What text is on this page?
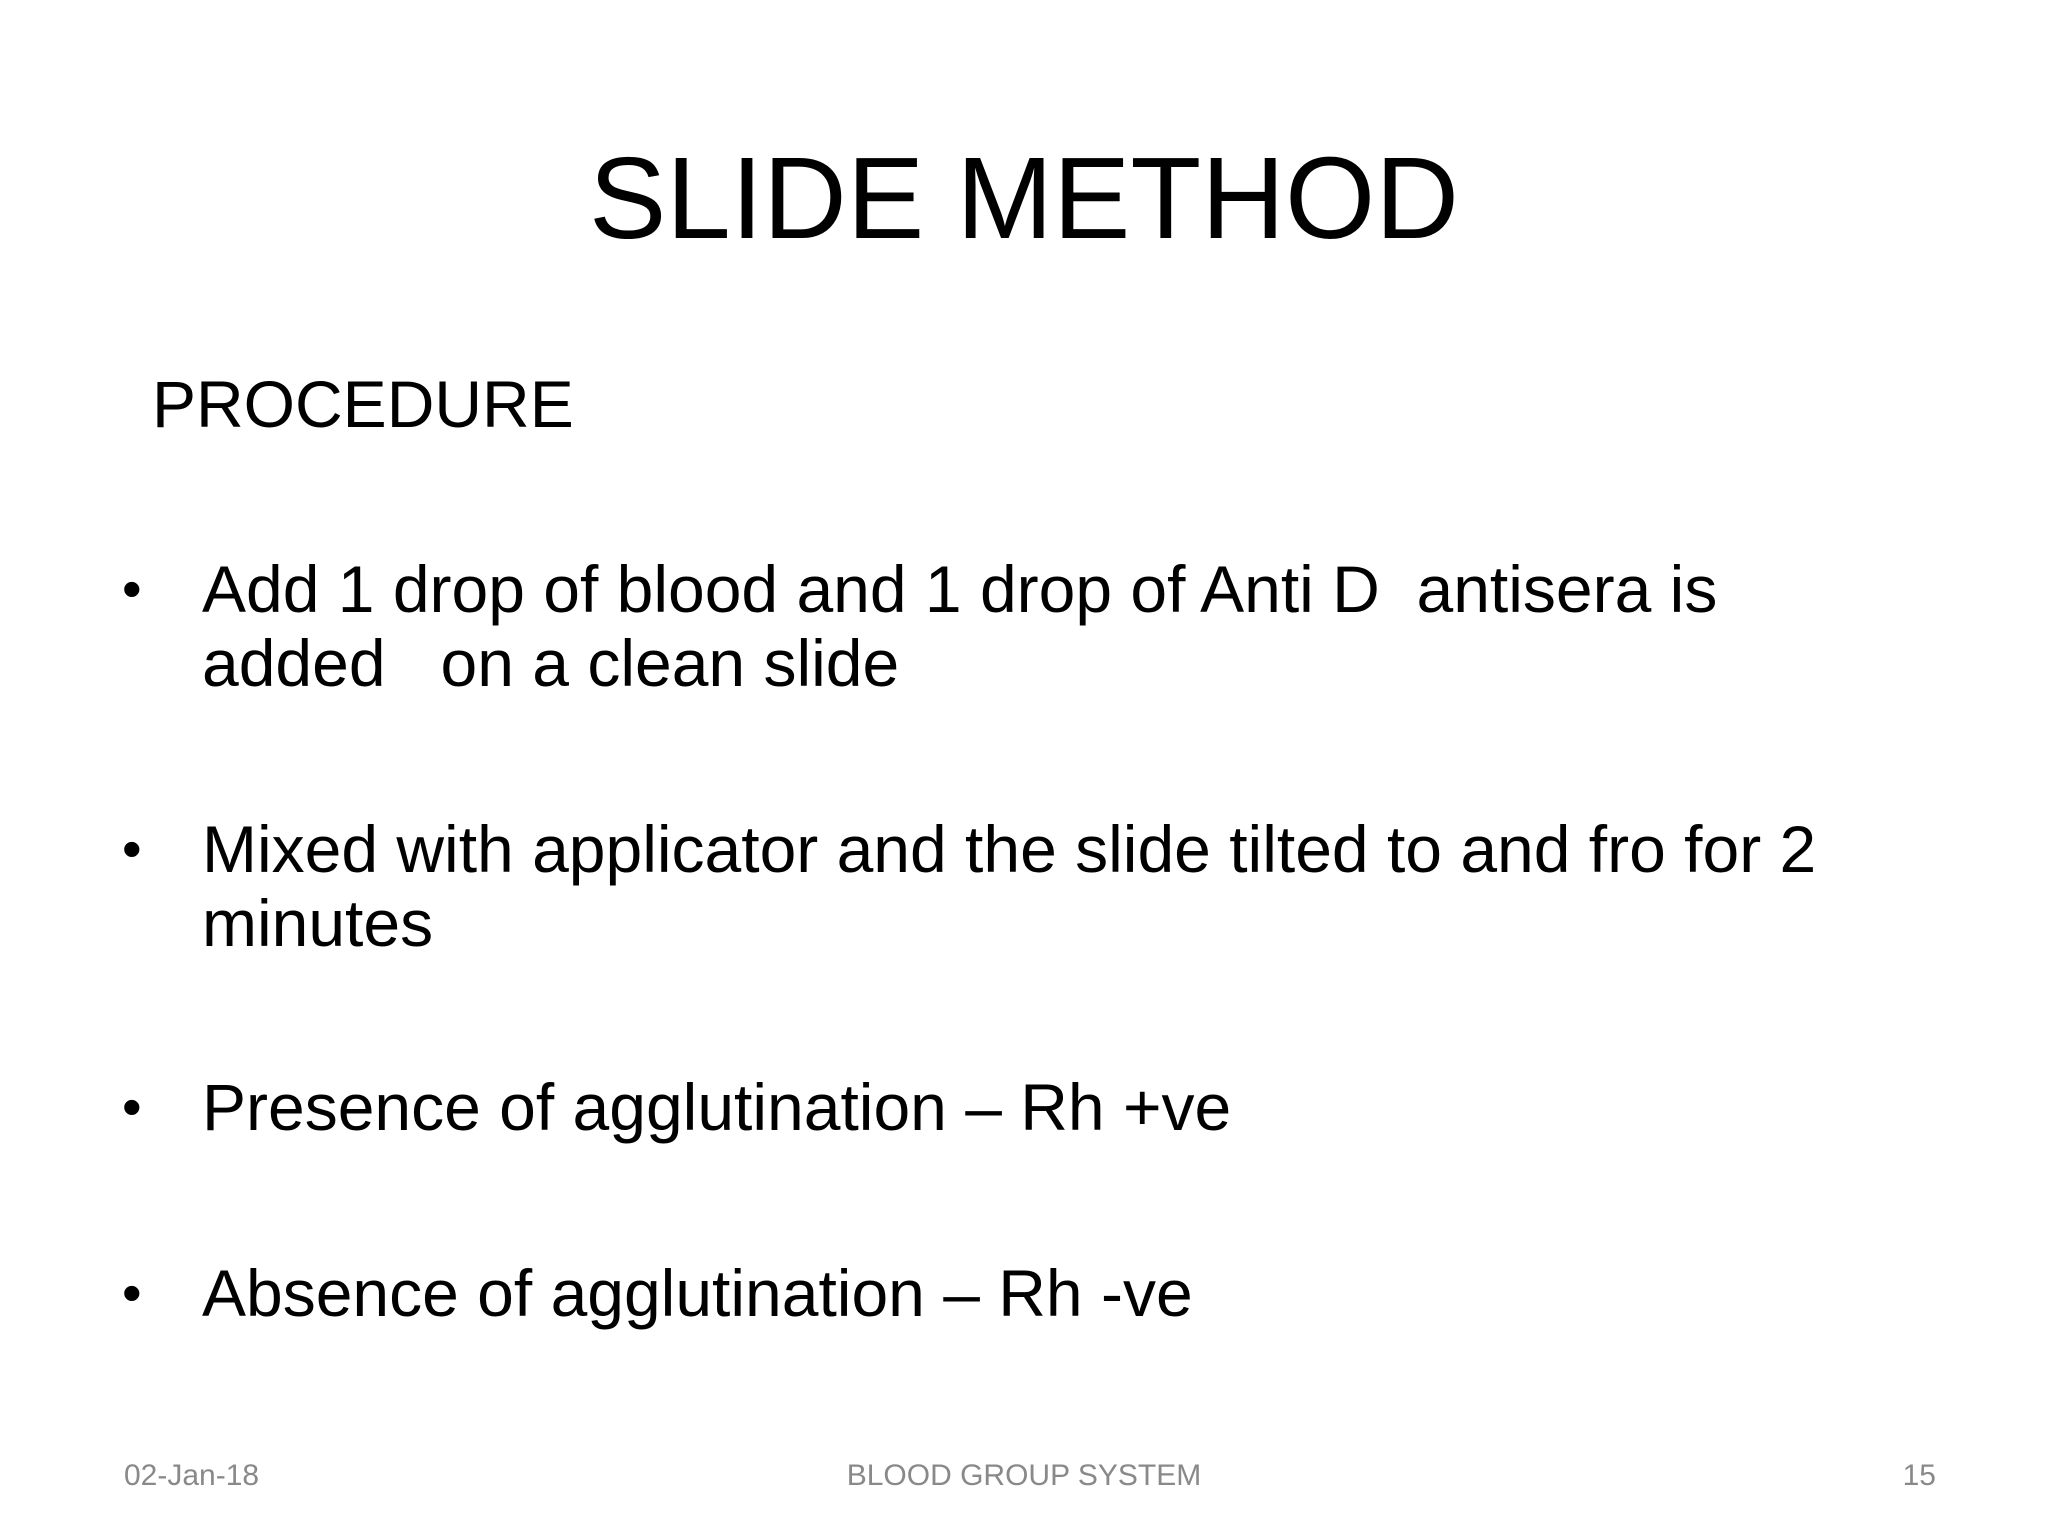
SLIDE METHOD
PROCEDURE
• Add 1 drop of blood and 1 drop of Anti D  antisera is added   on a clean slide
• Mixed with applicator and the slide tilted to and fro for 2 minutes
• Presence of agglutination – Rh +ve
• Absence of agglutination – Rh -ve
02-Jan-18	BLOOD GROUP SYSTEM	15
